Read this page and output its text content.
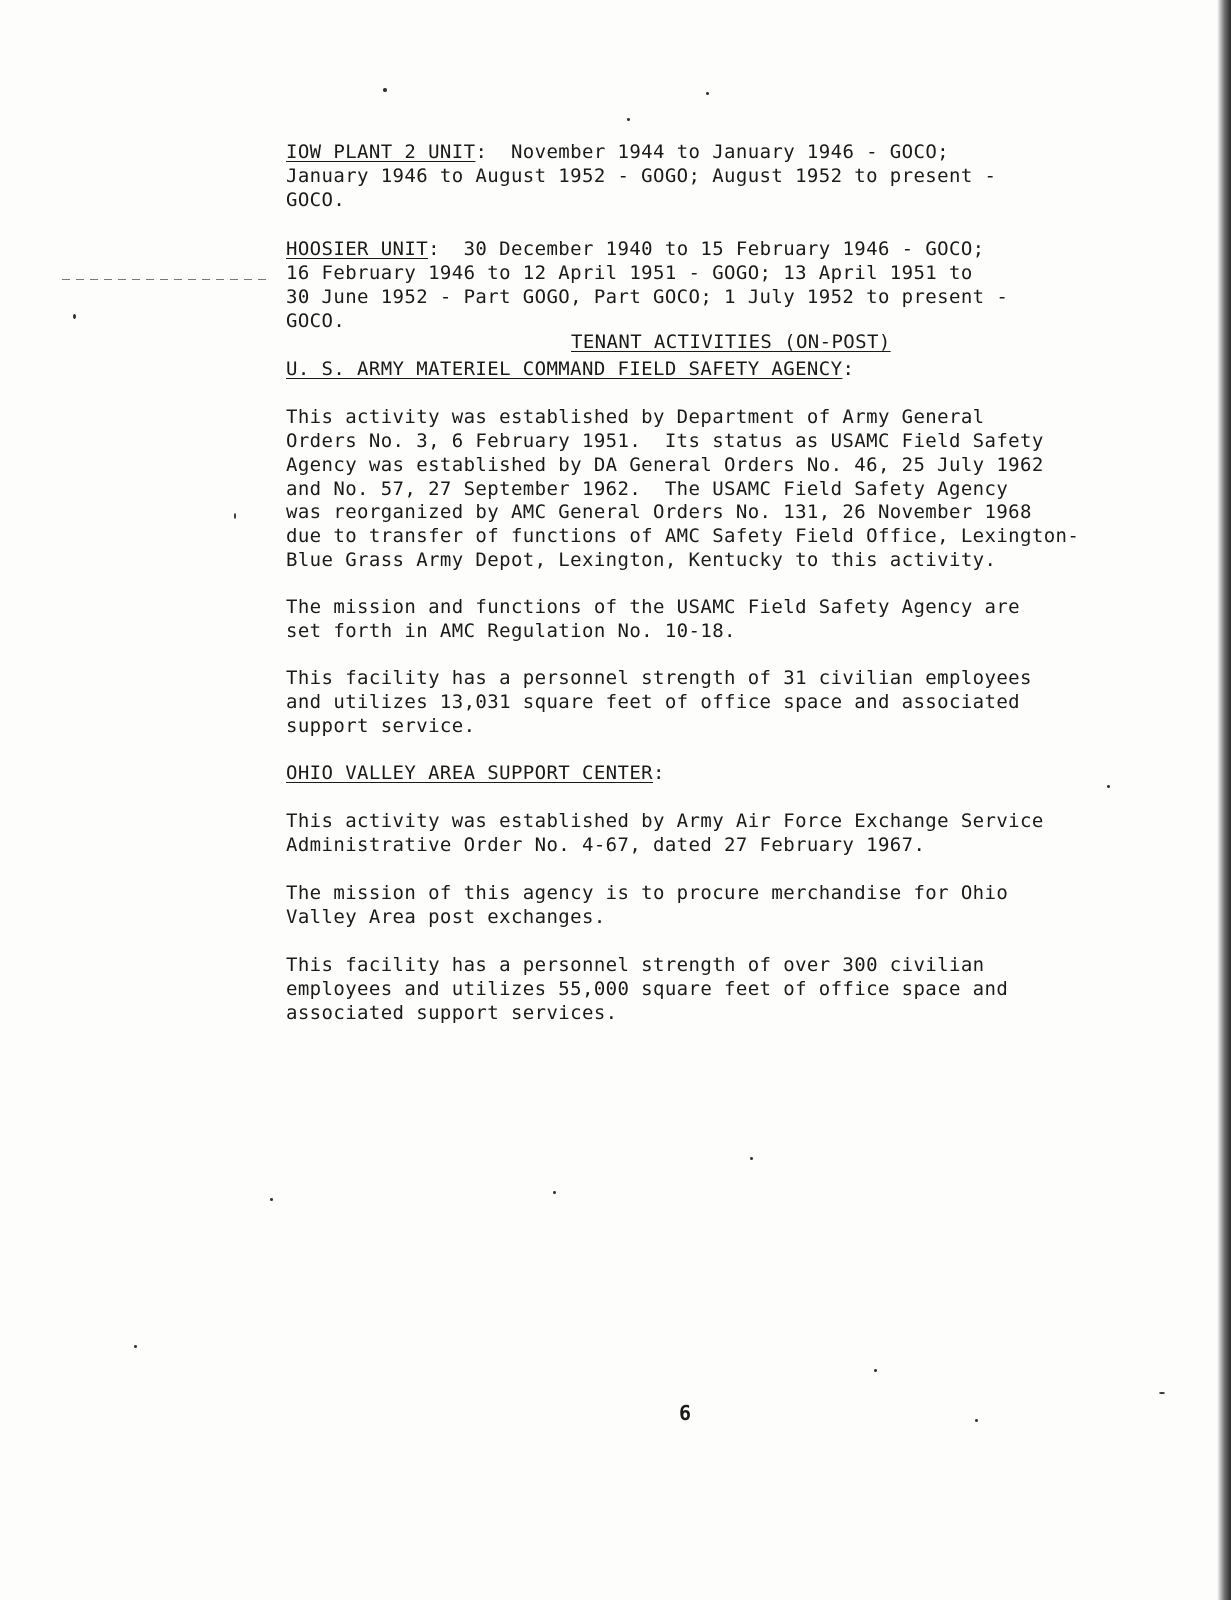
IOW PLANT 2 UNIT:  November 1944 to January 1946 - GOCO;
January 1946 to August 1952 - GOGO; August 1952 to present -
GOCO.
HOOSIER UNIT:  30 December 1940 to 15 February 1946 - GOCO;
16 February 1946 to 12 April 1951 - GOGO; 13 April 1951 to
30 June 1952 - Part GOGO, Part GOCO; 1 July 1952 to present -
GOCO.
TENANT ACTIVITIES (ON-POST)
U. S. ARMY MATERIEL COMMAND FIELD SAFETY AGENCY:
This activity was established by Department of Army General
Orders No. 3, 6 February 1951.  Its status as USAMC Field Safety
Agency was established by DA General Orders No. 46, 25 July 1962
and No. 57, 27 September 1962.  The USAMC Field Safety Agency
was reorganized by AMC General Orders No. 131, 26 November 1968
due to transfer of functions of AMC Safety Field Office, Lexington-
Blue Grass Army Depot, Lexington, Kentucky to this activity.
The mission and functions of the USAMC Field Safety Agency are
set forth in AMC Regulation No. 10-18.
This facility has a personnel strength of 31 civilian employees
and utilizes 13,031 square feet of office space and associated
support service.
OHIO VALLEY AREA SUPPORT CENTER:
This activity was established by Army Air Force Exchange Service
Administrative Order No. 4-67, dated 27 February 1967.
The mission of this agency is to procure merchandise for Ohio
Valley Area post exchanges.
This facility has a personnel strength of over 300 civilian
employees and utilizes 55,000 square feet of office space and
associated support services.
6
